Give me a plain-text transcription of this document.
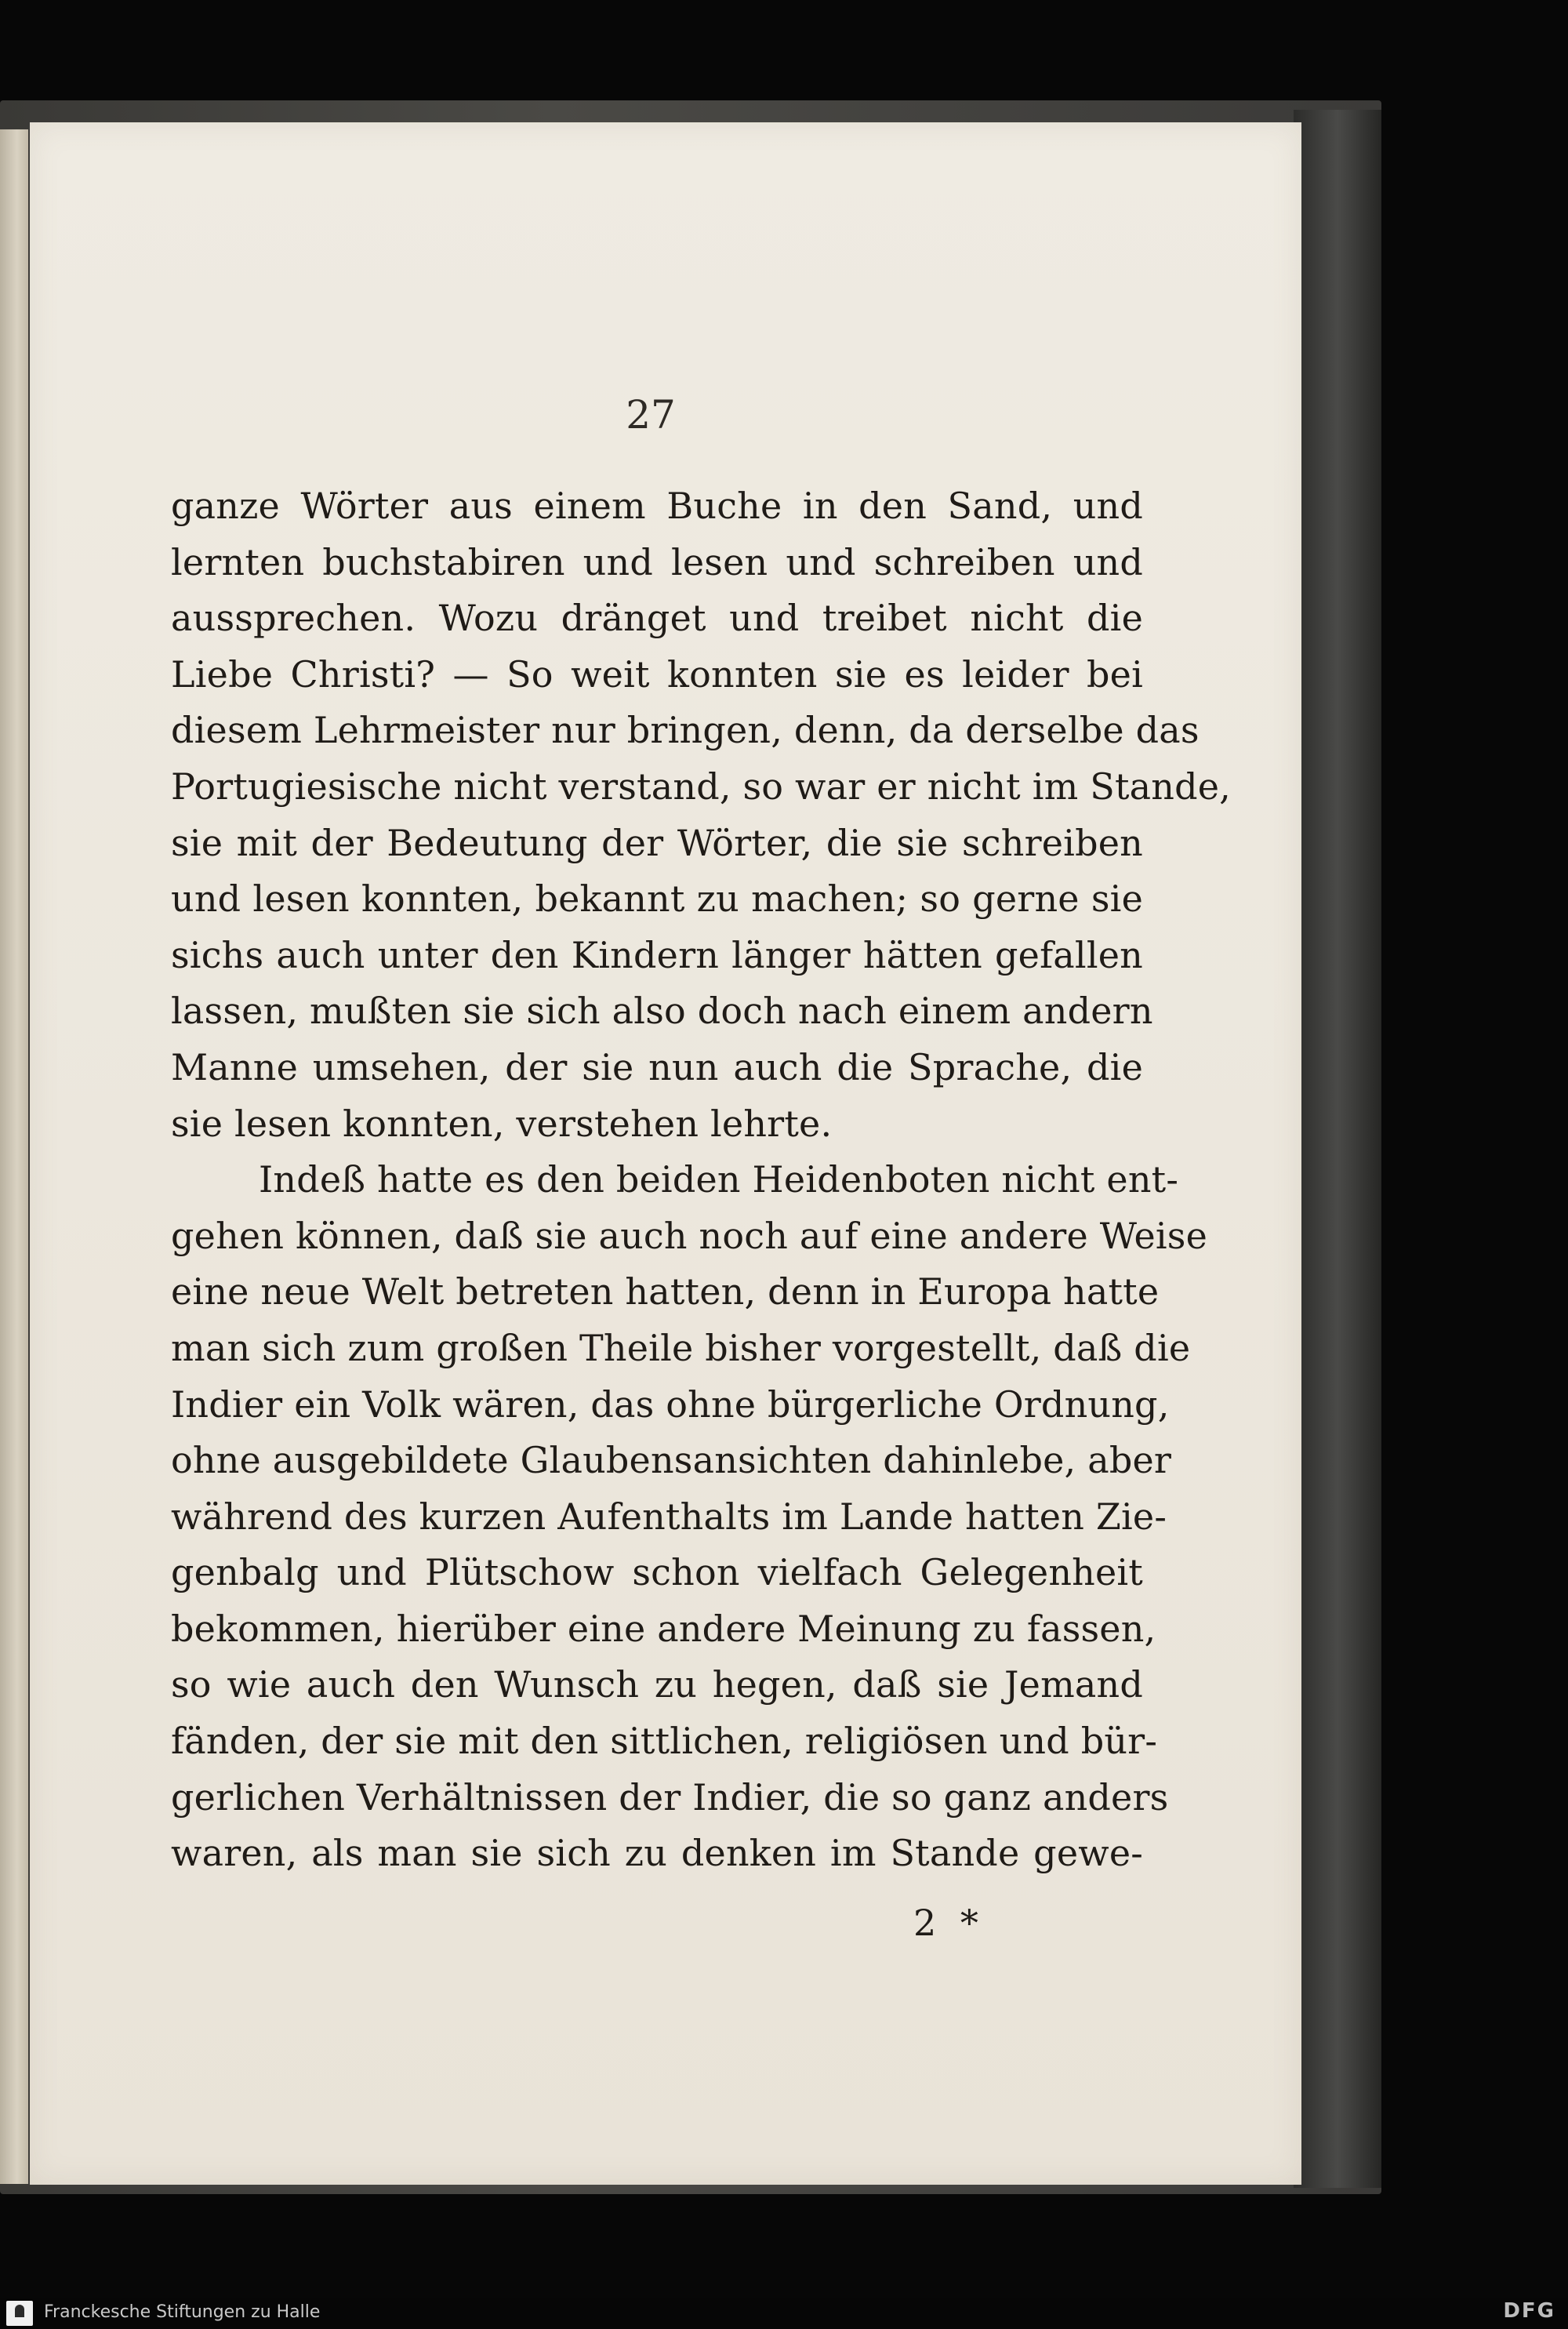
27
ganze Wörter aus einem Buche in den Sand, und
lernten buchstabiren und lesen und schreiben und
aussprechen. Wozu dränget und treibet nicht die
Liebe Christi? — So weit konnten sie es leider bei
diesem Lehrmeister nur bringen, denn, da derselbe das
Portugiesische nicht verstand, so war er nicht im Stande,
sie mit der Bedeutung der Wörter, die sie schreiben
und lesen konnten, bekannt zu machen; so gerne sie
sichs auch unter den Kindern länger hätten gefallen
lassen, mußten sie sich also doch nach einem andern
Manne umsehen, der sie nun auch die Sprache, die
sie lesen konnten, verstehen lehrte.
Indeß hatte es den beiden Heidenboten nicht ent-
gehen können, daß sie auch noch auf eine andere Weise
eine neue Welt betreten hatten, denn in Europa hatte
man sich zum großen Theile bisher vorgestellt, daß die
Indier ein Volk wären, das ohne bürgerliche Ordnung,
ohne ausgebildete Glaubensansichten dahinlebe, aber
während des kurzen Aufenthalts im Lande hatten Zie-
genbalg und Plütschow schon vielfach Gelegenheit
bekommen, hierüber eine andere Meinung zu fassen,
so wie auch den Wunsch zu hegen, daß sie Jemand
fänden, der sie mit den sittlichen, religiösen und bür-
gerlichen Verhältnissen der Indier, die so ganz anders
waren, als man sie sich zu denken im Stande gewe-
2 *
Franckesche Stiftungen zu Halle	DFG
